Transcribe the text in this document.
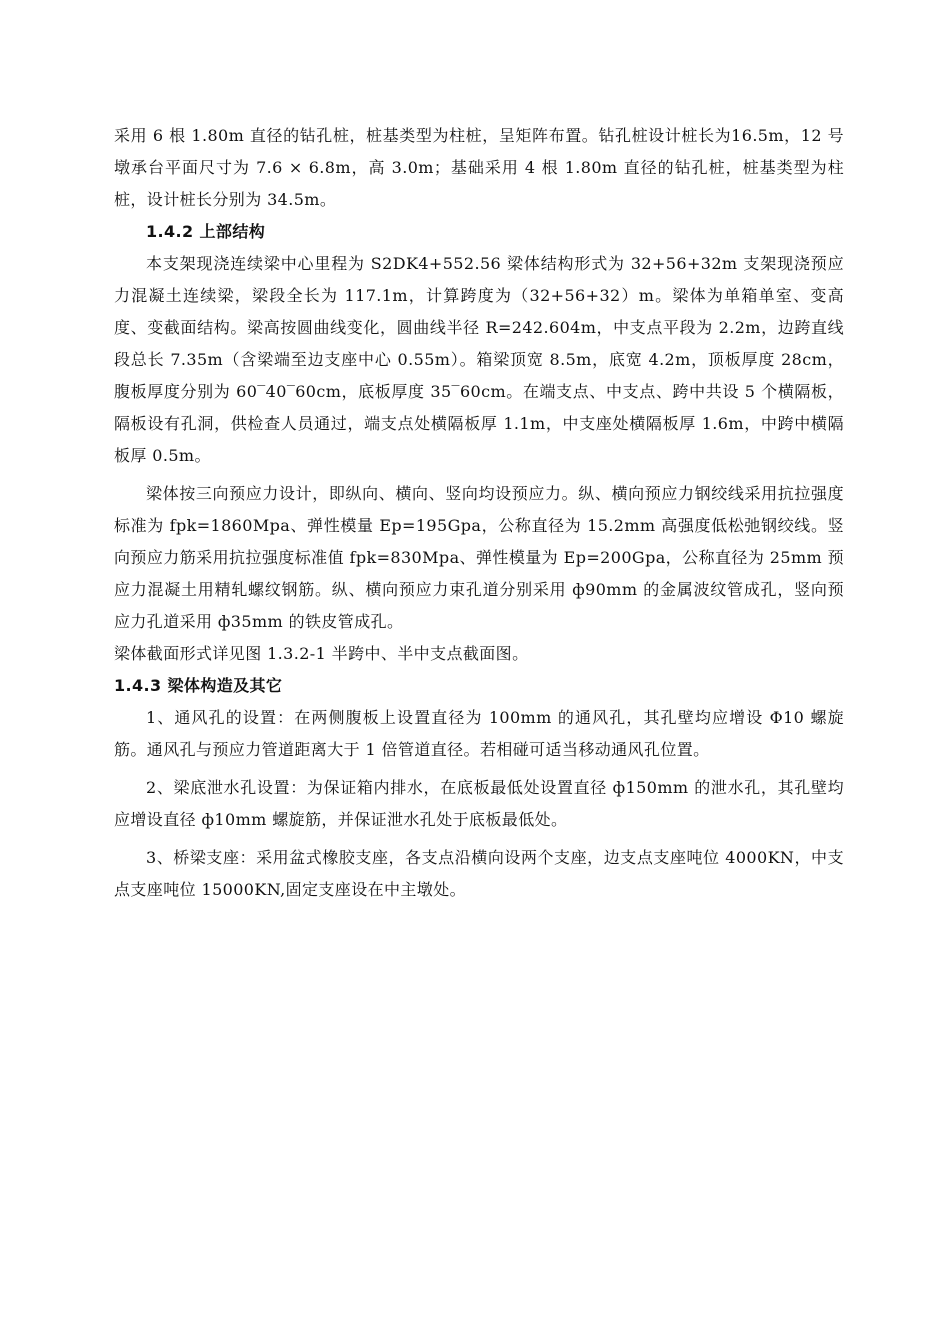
采用 6 根 1.80m 直径的钻孔桩，桩基类型为柱桩，呈矩阵布置。钻孔桩设计桩长为16.5m，12 号墩承台平面尺寸为 7.6 × 6.8m，高 3.0m；基础采用 4 根 1.80m 直径的钻孔桩，桩基类型为柱桩，设计桩长分别为 34.5m。

1.4.2 上部结构

本支架现浇连续梁中心里程为 S2DK4+552.56 梁体结构形式为 32+56+32m 支架现浇预应力混凝土连续梁，梁段全长为 117.1m，计算跨度为（32+56+32）m。梁体为单箱单室、变高度、变截面结构。梁高按圆曲线变化，圆曲线半径 R=242.604m，中支点平段为 2.2m，边跨直线段总长 7.35m（含梁端至边支座中心 0.55m）。箱梁顶宽 8.5m，底宽 4.2m，顶板厚度 28cm，腹板厚度分别为 60‾40‾60cm，底板厚度 35‾60cm。在端支点、中支点、跨中共设 5 个横隔板，隔板设有孔洞，供检查人员通过，端支点处横隔板厚 1.1m，中支座处横隔板厚 1.6m，中跨中横隔板厚 0.5m。

梁体按三向预应力设计，即纵向、横向、竖向均设预应力。纵、横向预应力钢绞线采用抗拉强度标准为 fpk=1860Mpa、弹性模量 Ep=195Gpa，公称直径为 15.2mm 高强度低松弛钢绞线。竖向预应力筋采用抗拉强度标准值 fpk=830Mpa、弹性模量为 Ep=200Gpa，公称直径为 25mm 预应力混凝土用精轧螺纹钢筋。纵、横向预应力束孔道分别采用 ф90mm 的金属波纹管成孔，竖向预应力孔道采用 ф35mm 的铁皮管成孔。

梁体截面形式详见图 1.3.2-1 半跨中、半中支点截面图。

1.4.3 梁体构造及其它

1、通风孔的设置：在两侧腹板上设置直径为 100mm 的通风孔，其孔壁均应增设 Φ10 螺旋筋。通风孔与预应力管道距离大于 1 倍管道直径。若相碰可适当移动通风孔位置。

2、梁底泄水孔设置：为保证箱内排水，在底板最低处设置直径 ф150mm 的泄水孔，其孔壁均应增设直径 ф10mm 螺旋筋，并保证泄水孔处于底板最低处。

3、桥梁支座：采用盆式橡胶支座，各支点沿横向设两个支座，边支点支座吨位 4000KN，中支点支座吨位 15000KN,固定支座设在中主墩处。
